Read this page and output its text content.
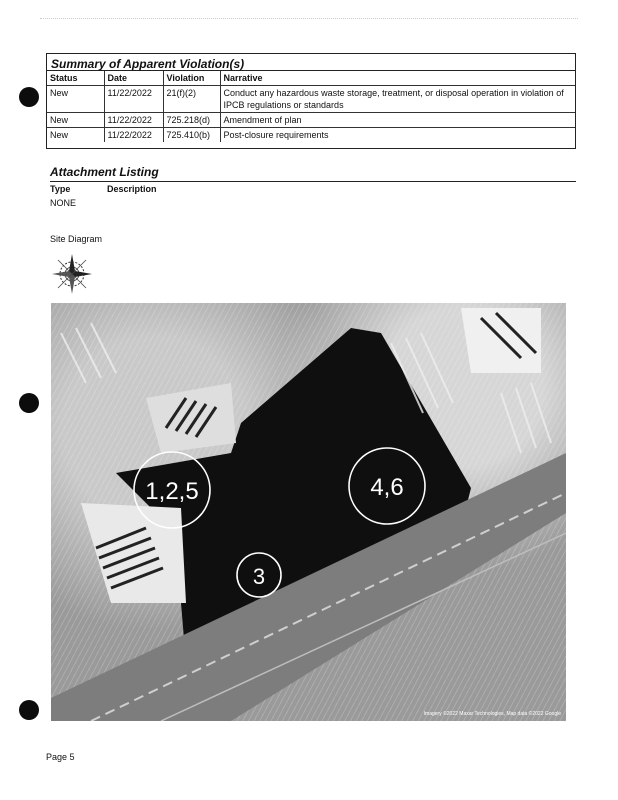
Summary of Apparent Violation(s)
Status	Date	Violation	Narrative
New	11/22/2022	21(f)(2)	Conduct any hazardous waste storage, treatment, or disposal operation in violation of IPCB regulations or standards
New	11/22/2022	725.218(d)	Amendment of plan
New	11/22/2022	725.410(b)	Post-closure requirements
Attachment Listing
Type	Description
NONE
Site Diagram
1,2,5	4,6
3
Imagery ©2022 Maxar Technologies, Map data ©2022 Google
Page 5
